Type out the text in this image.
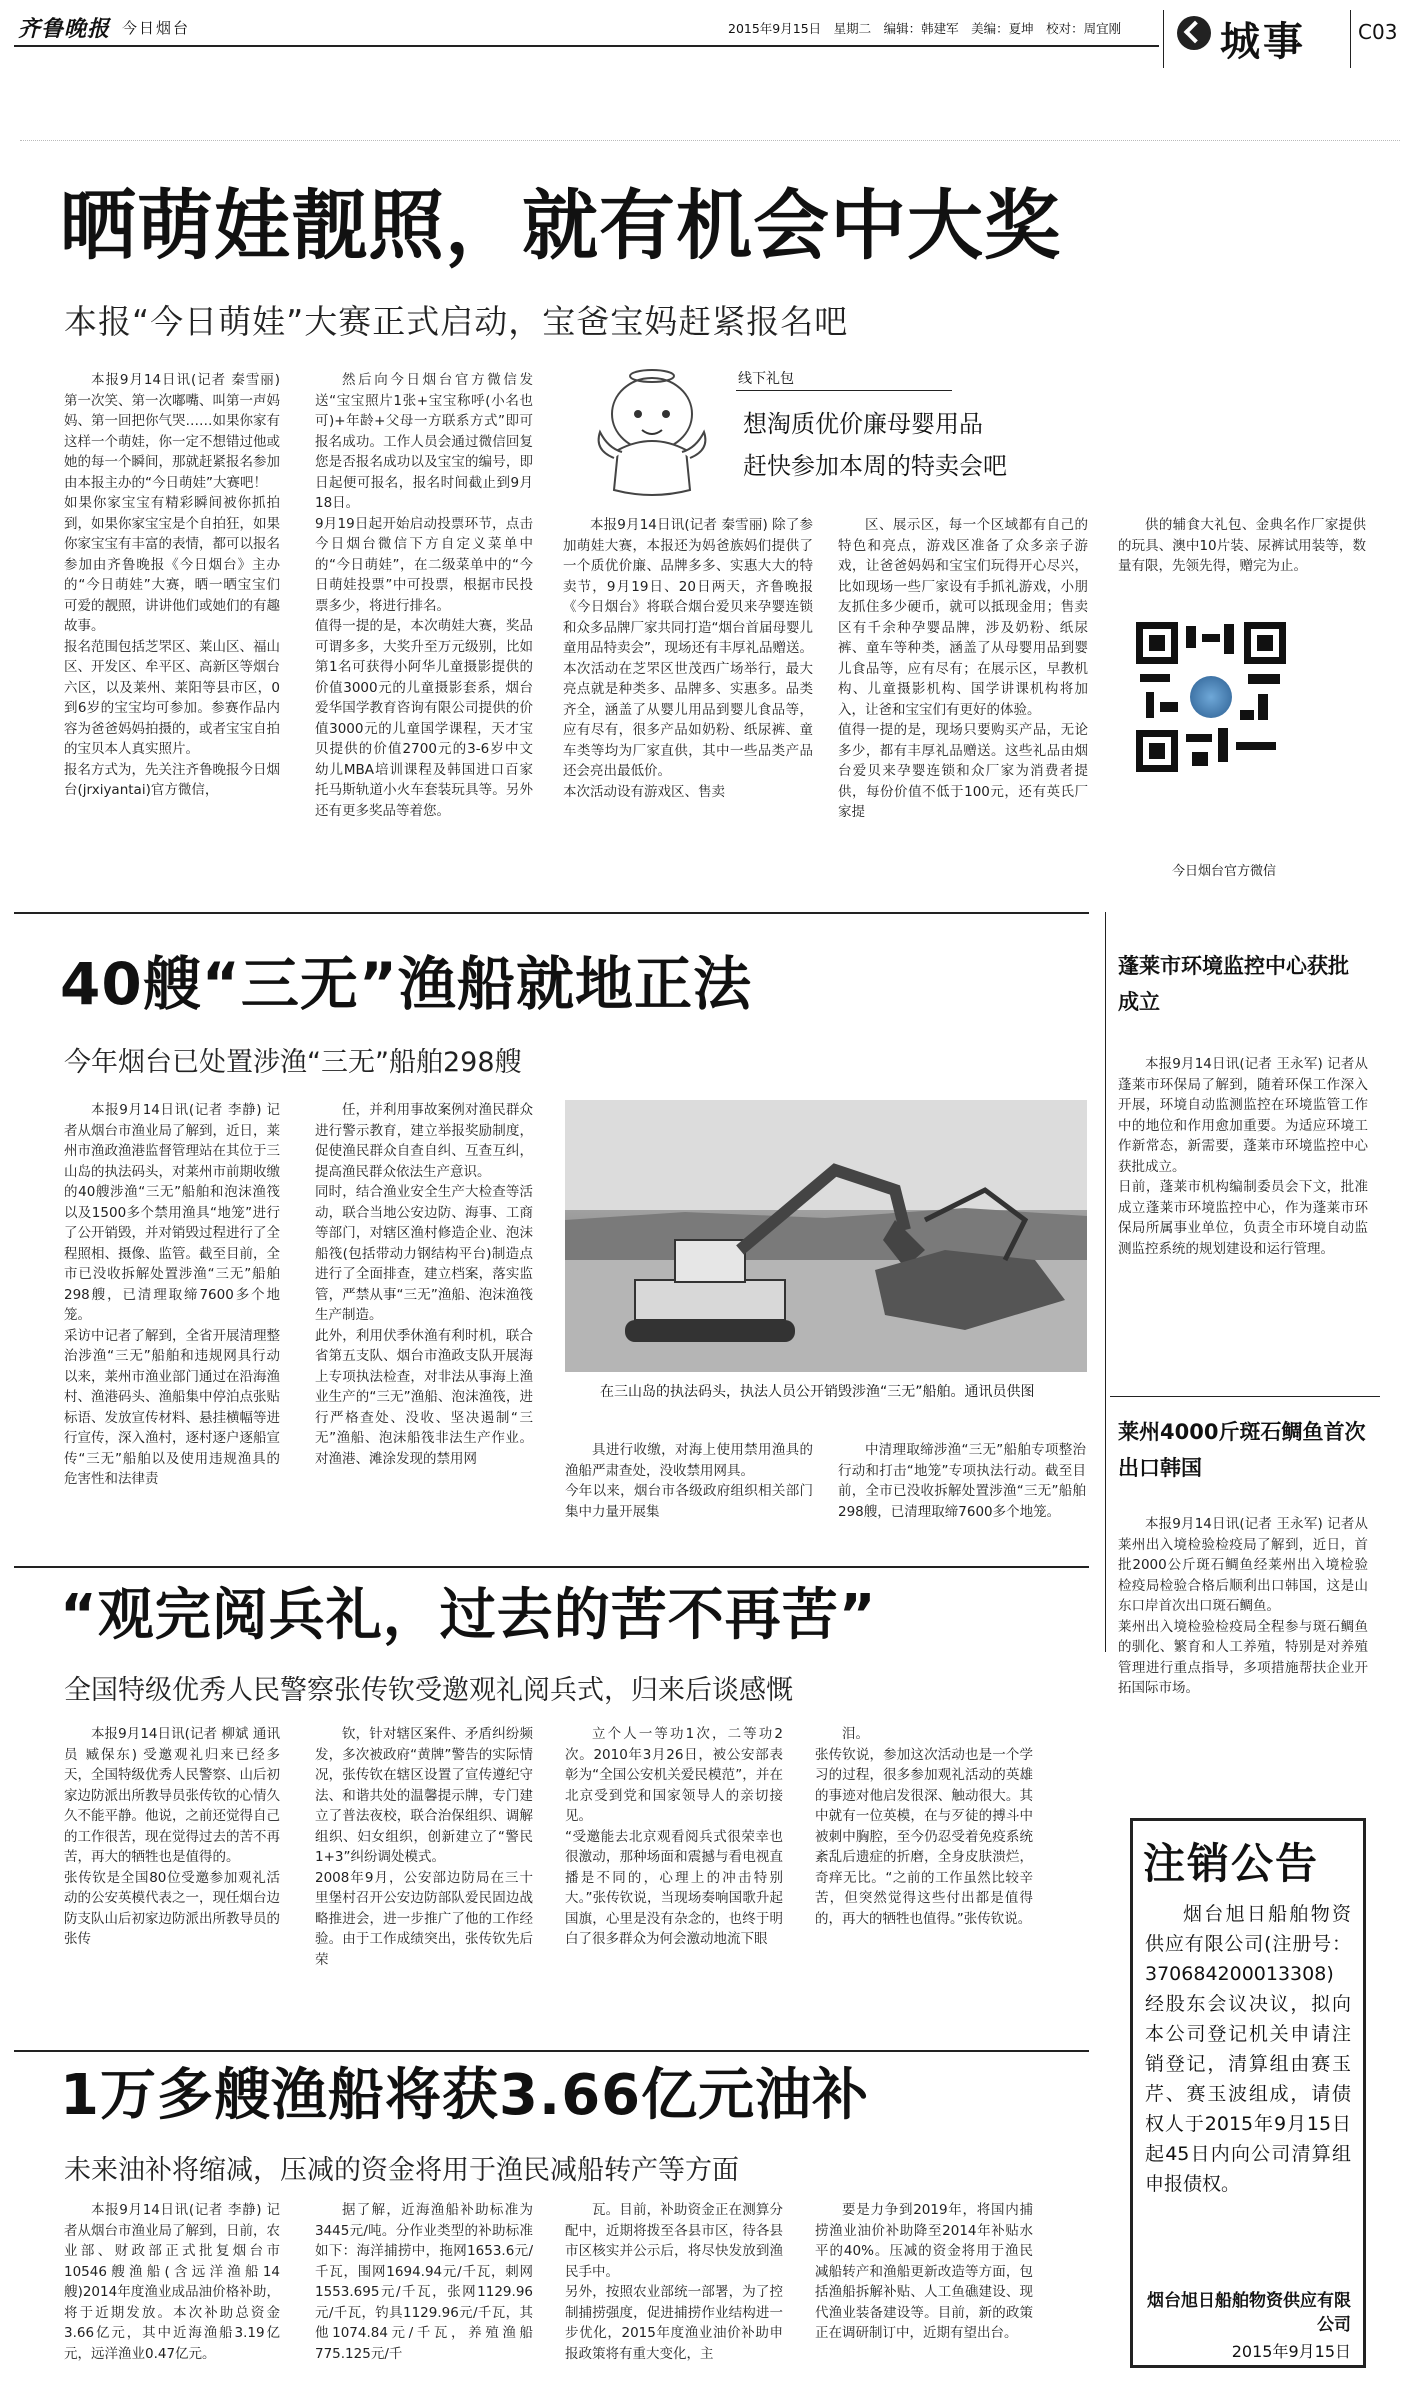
齐鲁晚报 今日烟台	2015年9月15日　星期二　编辑：韩建军　美编：夏坤　校对：周宜刚 城事	C03
晒萌娃靓照，就有机会中大奖
本报“今日萌娃”大赛正式启动，宝爸宝妈赶紧报名吧
本报9月14日讯(记者 秦雪丽) 第一次笑、第一次嘟嘴、叫第一声妈妈、第一回把你气哭……如果你家有这样一个萌娃，你一定不想错过他或她的每一个瞬间，那就赶紧报名参加由本报主办的“今日萌娃”大赛吧！
如果你家宝宝有精彩瞬间被你抓拍到，如果你家宝宝是个自拍狂，如果你家宝宝有丰富的表情，都可以报名参加由齐鲁晚报《今日烟台》主办的“今日萌娃”大赛，晒一晒宝宝们可爱的靓照，讲讲他们或她们的有趣故事。
报名范围包括芝罘区、莱山区、福山区、开发区、牟平区、高新区等烟台六区，以及莱州、莱阳等县市区，0到6岁的宝宝均可参加。参赛作品内容为爸爸妈妈拍摄的，或者宝宝自拍的宝贝本人真实照片。
报名方式为，先关注齐鲁晚报今日烟台(jrxiyantai)官方微信，
然后向今日烟台官方微信发送“宝宝照片1张+宝宝称呼(小名也可)+年龄+父母一方联系方式”即可报名成功。工作人员会通过微信回复您是否报名成功以及宝宝的编号，即日起便可报名，报名时间截止到9月18日。
9月19日起开始启动投票环节，点击今日烟台微信下方自定义菜单中的“今日萌娃”，在二级菜单中的“今日萌娃投票”中可投票，根据市民投票多少，将进行排名。
值得一提的是，本次萌娃大赛，奖品可谓多多，大奖升至万元级别，比如第1名可获得小阿华儿童摄影提供的价值3000元的儿童摄影套系，烟台爱华国学教育咨询有限公司提供的价值3000元的儿童国学课程，天才宝贝提供的价值2700元的3-6岁中文幼儿MBA培训课程及韩国进口百家托马斯轨道小火车套装玩具等。另外还有更多奖品等着您。
线下礼包
想淘质优价廉母婴用品
赶快参加本周的特卖会吧
本报9月14日讯(记者 秦雪丽) 除了参加萌娃大赛，本报还为妈爸族妈们提供了一个质优价廉、品牌多多、实惠大大的特卖节，9月19日、20日两天，齐鲁晚报《今日烟台》将联合烟台爱贝来孕婴连锁和众多品牌厂家共同打造“烟台首届母婴儿童用品特卖会”，现场还有丰厚礼品赠送。
本次活动在芝罘区世茂西广场举行，最大亮点就是种类多、品牌多、实惠多。品类齐全，涵盖了从婴儿用品到婴儿食品等，应有尽有，很多产品如奶粉、纸尿裤、童车类等均为厂家直供，其中一些品类产品还会亮出最低价。
本次活动设有游戏区、售卖
区、展示区，每一个区域都有自己的特色和亮点，游戏区准备了众多亲子游戏，让爸爸妈妈和宝宝们玩得开心尽兴，比如现场一些厂家设有手抓礼游戏，小朋友抓住多少硬币，就可以抵现金用；售卖区有千余种孕婴品牌，涉及奶粉、纸尿裤、童车等种类，涵盖了从母婴用品到婴儿食品等，应有尽有；在展示区，早教机构、儿童摄影机构、国学讲课机构将加入，让爸和宝宝们有更好的体验。
值得一提的是，现场只要购买产品，无论多少，都有丰厚礼品赠送。这些礼品由烟台爱贝来孕婴连锁和众厂家为消费者提供，每份价值不低于100元，还有英氏厂家提
供的辅食大礼包、金典名作厂家提供的玩具、澳中10片装、尿裤试用装等，数量有限，先领先得，赠完为止。
今日烟台官方微信
40艘“三无”渔船就地正法
今年烟台已处置涉渔“三无”船舶298艘
本报9月14日讯(记者 李静) 记者从烟台市渔业局了解到，近日，莱州市渔政渔港监督管理站在其位于三山岛的执法码头，对莱州市前期收缴的40艘涉渔“三无”船舶和泡沫渔筏以及1500多个禁用渔具“地笼”进行了公开销毁，并对销毁过程进行了全程照相、摄像、监管。截至目前，全市已没收拆解处置涉渔“三无”船舶298艘，已清理取缔7600多个地笼。
采访中记者了解到，全省开展清理整治涉渔“三无”船舶和违规网具行动以来，莱州市渔业部门通过在沿海渔村、渔港码头、渔船集中停泊点张贴标语、发放宣传材料、悬挂横幅等进行宣传，深入渔村，逐村逐户逐船宣传“三无”船舶以及使用违规渔具的危害性和法律责
任，并利用事故案例对渔民群众进行警示教育，建立举报奖励制度，促使渔民群众自查自纠、互查互纠，提高渔民群众依法生产意识。
同时，结合渔业安全生产大检查等活动，联合当地公安边防、海事、工商等部门，对辖区渔村修造企业、泡沫船筏(包括带动力钢结构平台)制造点进行了全面排查，建立档案，落实监管，严禁从事“三无”渔船、泡沫渔筏生产制造。
此外，利用伏季休渔有利时机，联合省第五支队、烟台市渔政支队开展海上专项执法检查，对非法从事海上渔业生产的“三无”渔船、泡沫渔筏，进行严格查处、没收、坚决遏制“三无”渔船、泡沫船筏非法生产作业。对渔港、滩涂发现的禁用网
在三山岛的执法码头，执法人员公开销毁涉渔“三无”船舶。通讯员供图
具进行收缴，对海上使用禁用渔具的渔船严肃查处，没收禁用网具。
今年以来，烟台市各级政府组织相关部门集中力量开展集
中清理取缔涉渔“三无”船舶专项整治行动和打击“地笼”专项执法行动。截至目前，全市已没收拆解处置涉渔“三无”船舶298艘，已清理取缔7600多个地笼。
蓬莱市环境监控中心获批成立
本报9月14日讯(记者 王永军) 记者从蓬莱市环保局了解到，随着环保工作深入开展，环境自动监测监控在环境监管工作中的地位和作用愈加重要。为适应环境工作新常态，新需要，蓬莱市环境监控中心获批成立。
日前，蓬莱市机构编制委员会下文，批准成立蓬莱市环境监控中心，作为蓬莱市环保局所属事业单位，负责全市环境自动监测监控系统的规划建设和运行管理。
莱州4000斤斑石鲷鱼首次出口韩国
本报9月14日讯(记者 王永军) 记者从莱州出入境检验检疫局了解到，近日，首批2000公斤斑石鲷鱼经莱州出入境检验检疫局检验合格后顺利出口韩国，这是山东口岸首次出口斑石鲷鱼。
莱州出入境检验检疫局全程参与斑石鲷鱼的驯化、繁育和人工养殖，特别是对养殖管理进行重点指导，多项措施帮扶企业开拓国际市场。
“观完阅兵礼，过去的苦不再苦”
全国特级优秀人民警察张传钦受邀观礼阅兵式，归来后谈感慨
本报9月14日讯(记者 柳斌 通讯员 臧保东) 受邀观礼归来已经多天，全国特级优秀人民警察、山后初家边防派出所教导员张传钦的心情久久不能平静。他说，之前还觉得自己的工作很苦，现在觉得过去的苦不再苦，再大的牺牲也是值得的。
张传钦是全国80位受邀参加观礼活动的公安英模代表之一，现任烟台边防支队山后初家边防派出所教导员的张传
钦，针对辖区案件、矛盾纠纷频发，多次被政府“黄牌”警告的实际情况，张传钦在辖区设置了宣传遵纪守法、和谐共处的温馨提示牌，专门建立了普法夜校，联合治保组织、调解组织、妇女组织，创新建立了“警民1+3”纠纷调处模式。
2008年9月，公安部边防局在三十里堡村召开公安边防部队爱民固边战略推进会，进一步推广了他的工作经验。由于工作成绩突出，张传钦先后荣
立个人一等功1次，二等功2次。2010年3月26日，被公安部表彰为“全国公安机关爱民模范”，并在北京受到党和国家领导人的亲切接见。
“受邀能去北京观看阅兵式很荣幸也很激动，那种场面和震撼与看电视直播是不同的，心理上的冲击特别大。”张传钦说，当现场奏响国歌升起国旗，心里是没有杂念的，也终于明白了很多群众为何会激动地流下眼
泪。
张传钦说，参加这次活动也是一个学习的过程，很多参加观礼活动的英雄的事迹对他启发很深、触动很大。其中就有一位英模，在与歹徒的搏斗中被刺中胸腔，至今仍忍受着免疫系统紊乱后遗症的折磨，全身皮肤溃烂，奇痒无比。“之前的工作虽然比较辛苦，但突然觉得这些付出都是值得的，再大的牺牲也值得。”张传钦说。
1万多艘渔船将获3.66亿元油补
未来油补将缩减，压减的资金将用于渔民减船转产等方面
本报9月14日讯(记者 李静) 记者从烟台市渔业局了解到，日前，农业部、财政部正式批复烟台市10546艘渔船(含远洋渔船14艘)2014年度渔业成品油价格补助，将于近期发放。本次补助总资金3.66亿元，其中近海渔船3.19亿元，远洋渔业0.47亿元。
据了解，近海渔船补助标准为3445元/吨。分作业类型的补助标准如下：海洋捕捞中，拖网1653.6元/千瓦，围网1694.94元/千瓦，刺网1553.695元/千瓦，张网1129.96元/千瓦，钓具1129.96元/千瓦，其他1074.84元/千瓦，养殖渔船775.125元/千
瓦。目前，补助资金正在测算分配中，近期将拨至各县市区，待各县市区核实并公示后，将尽快发放到渔民手中。
另外，按照农业部统一部署，为了控制捕捞强度，促进捕捞作业结构进一步优化，2015年度渔业油价补助申报政策将有重大变化，主
要是力争到2019年，将国内捕捞渔业油价补助降至2014年补贴水平的40%。压减的资金将用于渔民减船转产和渔船更新改造等方面，包括渔船拆解补贴、人工鱼礁建设、现代渔业装备建设等。目前，新的政策正在调研制订中，近期有望出台。
注销公告
烟台旭日船舶物资供应有限公司(注册号：370684200013308)经股东会议决议，拟向本公司登记机关申请注销登记，清算组由赛玉芹、赛玉波组成，请债权人于2015年9月15日起45日内向公司清算组申报债权。
烟台旭日船舶物资供应有限公司
2015年9月15日
